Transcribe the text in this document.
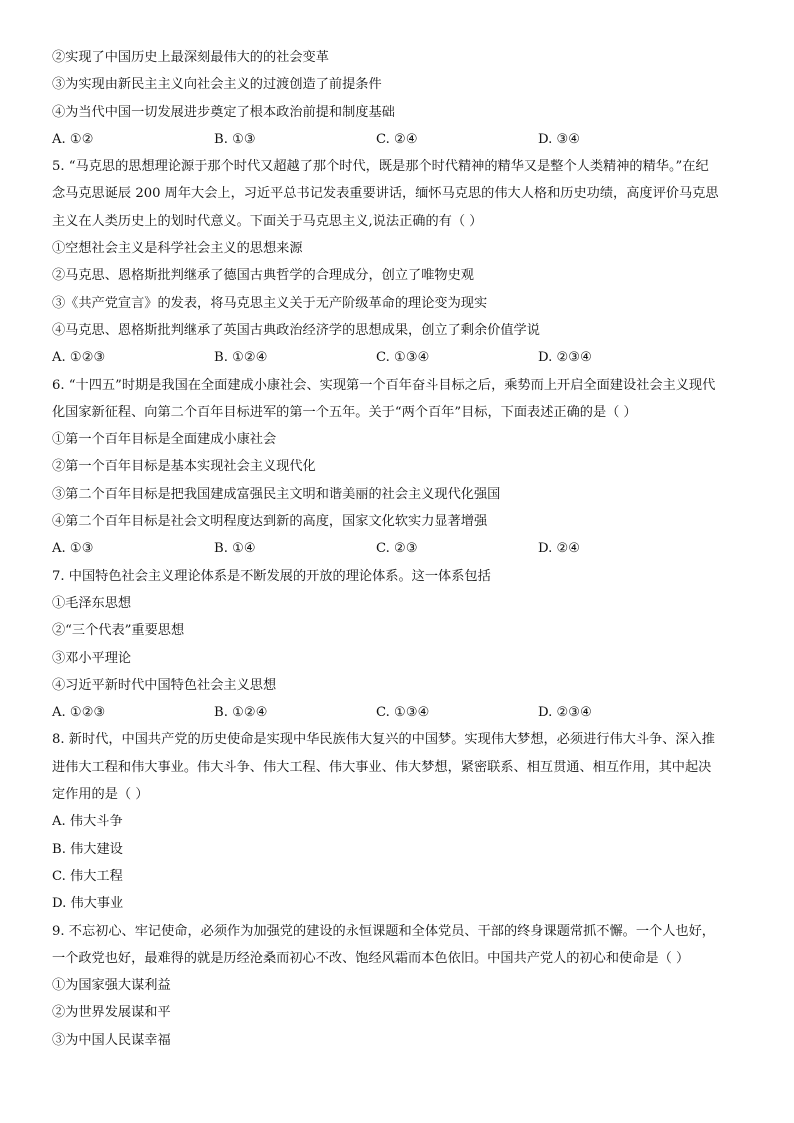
②实现了中国历史上最深刻最伟大的的社会变革
③为实现由新民主主义向社会主义的过渡创造了前提条件
④为当代中国一切发展进步奠定了根本政治前提和制度基础
A. ①②	B. ①③	C. ②④	D. ③④
5. “马克思的思想理论源于那个时代又超越了那个时代，既是那个时代精神的精华又是整个人类精神的精华。”在纪
念马克思诞辰 200 周年大会上，习近平总书记发表重要讲话，缅怀马克思的伟大人格和历史功绩，高度评价马克思
主义在人类历史上的划时代意义。下面关于马克思主义,说法正确的有（ ）
①空想社会主义是科学社会主义的思想来源
②马克思、恩格斯批判继承了德国古典哲学的合理成分，创立了唯物史观
③《共产党宣言》的发表，将马克思主义关于无产阶级革命的理论变为现实
④马克思、恩格斯批判继承了英国古典政治经济学的思想成果，创立了剩余价值学说
A. ①②③	B. ①②④	C. ①③④	D. ②③④
6. “十四五”时期是我国在全面建成小康社会、实现第一个百年奋斗目标之后，乘势而上开启全面建设社会主义现代
化国家新征程、向第二个百年目标进军的第一个五年。关于“两个百年”目标，下面表述正确的是（ ）
①第一个百年目标是全面建成小康社会
②第一个百年目标是基本实现社会主义现代化
③第二个百年目标是把我国建成富强民主文明和谐美丽的社会主义现代化强国
④第二个百年目标是社会文明程度达到新的高度，国家文化软实力显著增强
A. ①③	B. ①④	C. ②③	D. ②④
7. 中国特色社会主义理论体系是不断发展的开放的理论体系。这一体系包括
①毛泽东思想
②“三个代表”重要思想
③邓小平理论
④习近平新时代中国特色社会主义思想
A. ①②③	B. ①②④	C. ①③④	D. ②③④
8. 新时代，中国共产党的历史使命是实现中华民族伟大复兴的中国梦。实现伟大梦想，必须进行伟大斗争、深入推
进伟大工程和伟大事业。伟大斗争、伟大工程、伟大事业、伟大梦想，紧密联系、相互贯通、相互作用，其中起决
定作用的是（ ）
A. 伟大斗争
B. 伟大建设
C. 伟大工程
D. 伟大事业
9. 不忘初心、牢记使命，必须作为加强党的建设的永恒课题和全体党员、干部的终身课题常抓不懈。一个人也好，
一个政党也好，最难得的就是历经沧桑而初心不改、饱经风霜而本色依旧。中国共产党人的初心和使命是（ ）
①为国家强大谋利益
②为世界发展谋和平
③为中国人民谋幸福
